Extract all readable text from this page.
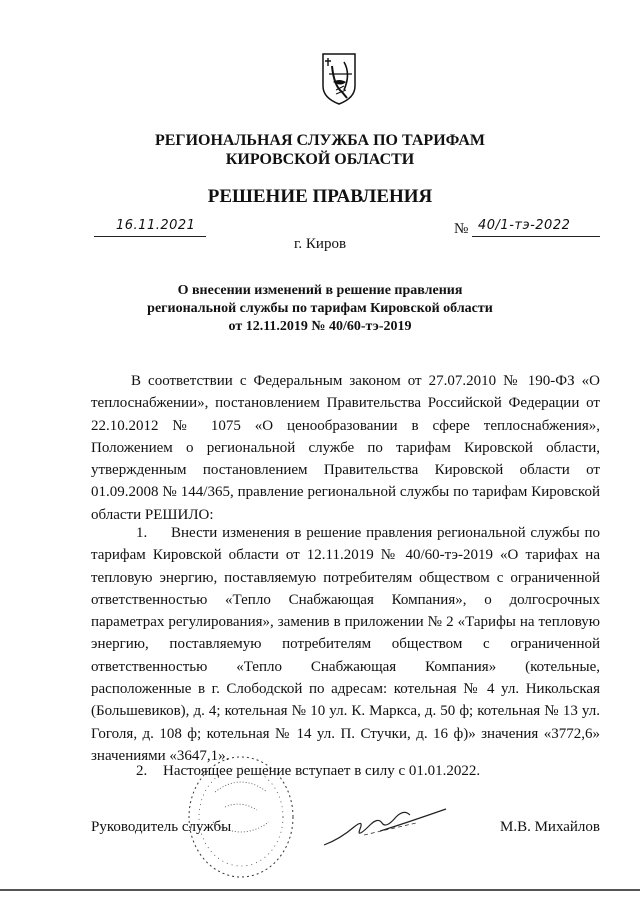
РЕГИОНАЛЬНАЯ СЛУЖБА ПО ТАРИФАМ
КИРОВСКОЙ ОБЛАСТИ
РЕШЕНИЕ ПРАВЛЕНИЯ
16.11.2021	№ 40/1-тэ-2022
г. Киров
О внесении изменений в решение правления
региональной службы по тарифам Кировской области
от 12.11.2019 № 40/60-тэ-2019
В соответствии с Федеральным законом от 27.07.2010 № 190-ФЗ «О теплоснабжении», постановлением Правительства Российской Федерации от 22.10.2012 № 1075 «О ценообразовании в сфере теплоснабжения», Положением о региональной службе по тарифам Кировской области, утвержденным постановлением Правительства Кировской области от 01.09.2008 № 144/365, правление региональной службы по тарифам Кировской области РЕШИЛО:
1. Внести изменения в решение правления региональной службы по тарифам Кировской области от 12.11.2019 № 40/60-тэ-2019 «О тарифах на тепловую энергию, поставляемую потребителям обществом с ограниченной ответственностью «Тепло Снабжающая Компания», о долгосрочных параметрах регулирования», заменив в приложении № 2 «Тарифы на тепловую энергию, поставляемую потребителям обществом с ограниченной ответственностью «Тепло Снабжающая Компания» (котельные, расположенные в г. Слободской по адресам: котельная № 4 ул. Никольская (Большевиков), д. 4; котельная № 10 ул. К. Маркса, д. 50 ф; котельная № 13 ул. Гоголя, д. 108 ф; котельная № 14 ул. П. Стучки, д. 16 ф)» значения «3772,6» значениями «3647,1».
2. Настоящее решение вступает в силу с 01.01.2022.
Руководитель службы	М.В. Михайлов
